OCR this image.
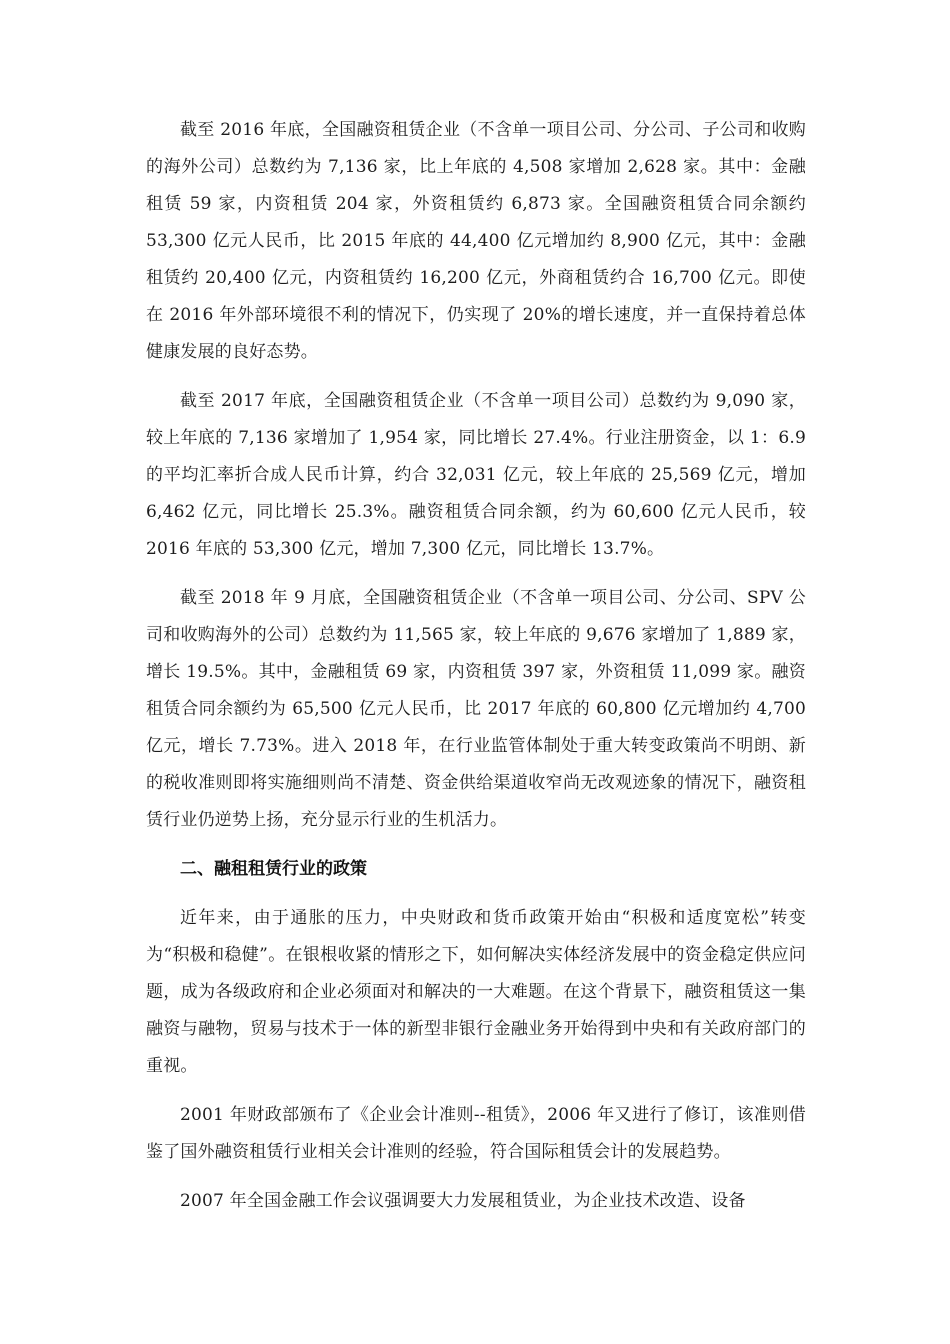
截至 2016 年底，全国融资租赁企业（不含单一项目公司、分公司、子公司和收购的海外公司）总数约为 7,136 家，比上年底的 4,508 家增加 2,628 家。其中：金融租赁 59 家，内资租赁 204 家，外资租赁约 6,873 家。全国融资租赁合同余额约 53,300 亿元人民币，比 2015 年底的 44,400 亿元增加约 8,900 亿元，其中：金融租赁约 20,400 亿元，内资租赁约 16,200 亿元，外商租赁约合 16,700 亿元。即使在 2016 年外部环境很不利的情况下，仍实现了 20%的增长速度，并一直保持着总体健康发展的良好态势。

截至 2017 年底，全国融资租赁企业（不含单一项目公司）总数约为 9,090 家，较上年底的 7,136 家增加了 1,954 家，同比增长 27.4%。行业注册资金，以 1：6.9 的平均汇率折合成人民币计算，约合 32,031 亿元，较上年底的 25,569 亿元，增加 6,462 亿元，同比增长 25.3%。融资租赁合同余额，约为 60,600 亿元人民币，较 2016 年底的 53,300 亿元，增加 7,300 亿元，同比增长 13.7%。

截至 2018 年 9 月底，全国融资租赁企业（不含单一项目公司、分公司、SPV 公司和收购海外的公司）总数约为 11,565 家，较上年底的 9,676 家增加了 1,889 家，增长 19.5%。其中，金融租赁 69 家，内资租赁 397 家，外资租赁 11,099 家。融资租赁合同余额约为 65,500 亿元人民币，比 2017 年底的 60,800 亿元增加约 4,700 亿元，增长 7.73%。进入 2018 年，在行业监管体制处于重大转变政策尚不明朗、新的税收准则即将实施细则尚不清楚、资金供给渠道收窄尚无改观迹象的情况下，融资租赁行业仍逆势上扬，充分显示行业的生机活力。

二、融租租赁行业的政策

近年来，由于通胀的压力，中央财政和货币政策开始由“积极和适度宽松”转变为“积极和稳健”。在银根收紧的情形之下，如何解决实体经济发展中的资金稳定供应问题，成为各级政府和企业必须面对和解决的一大难题。在这个背景下，融资租赁这一集融资与融物，贸易与技术于一体的新型非银行金融业务开始得到中央和有关政府部门的重视。

2001 年财政部颁布了《企业会计准则--租赁》，2006 年又进行了修订，该准则借鉴了国外融资租赁行业相关会计准则的经验，符合国际租赁会计的发展趋势。

2007 年全国金融工作会议强调要大力发展租赁业，为企业技术改造、设备
